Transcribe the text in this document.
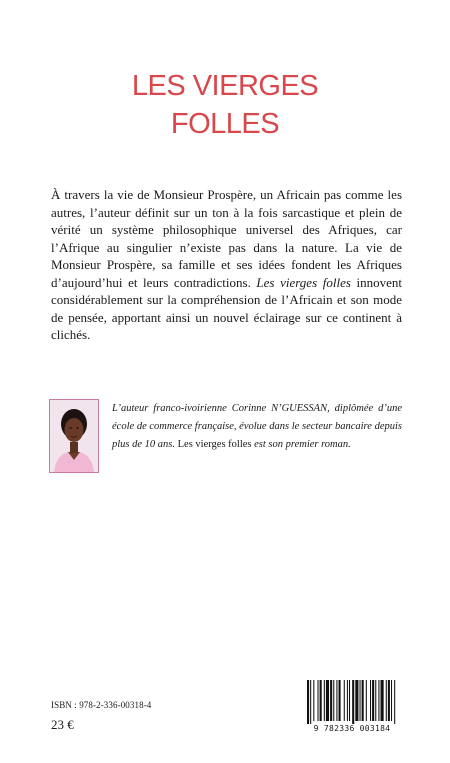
LES VIERGES
FOLLES

À travers la vie de Monsieur Prospère, un Africain pas comme les autres, l’auteur définit sur un ton à la fois sarcastique et plein de vérité un système philosophique universel des Afriques, car l’Afrique au singulier n’existe pas dans la nature. La vie de Monsieur Prospère, sa famille et ses idées fondent les Afriques d’aujourd’hui et leurs contradictions. Les vierges folles innovent considérablement sur la compréhension de l’Africain et son mode de pensée, apportant ainsi un nouvel éclairage sur ce continent à clichés.

L’auteur franco-ivoirienne Corinne N’GUESSAN, diplômée d’une école de commerce française, évolue dans le secteur bancaire depuis plus de 10 ans. Les vierges folles est son premier roman.

ISBN : 978-2-336-00318-4
23 €	9 782336 003184
